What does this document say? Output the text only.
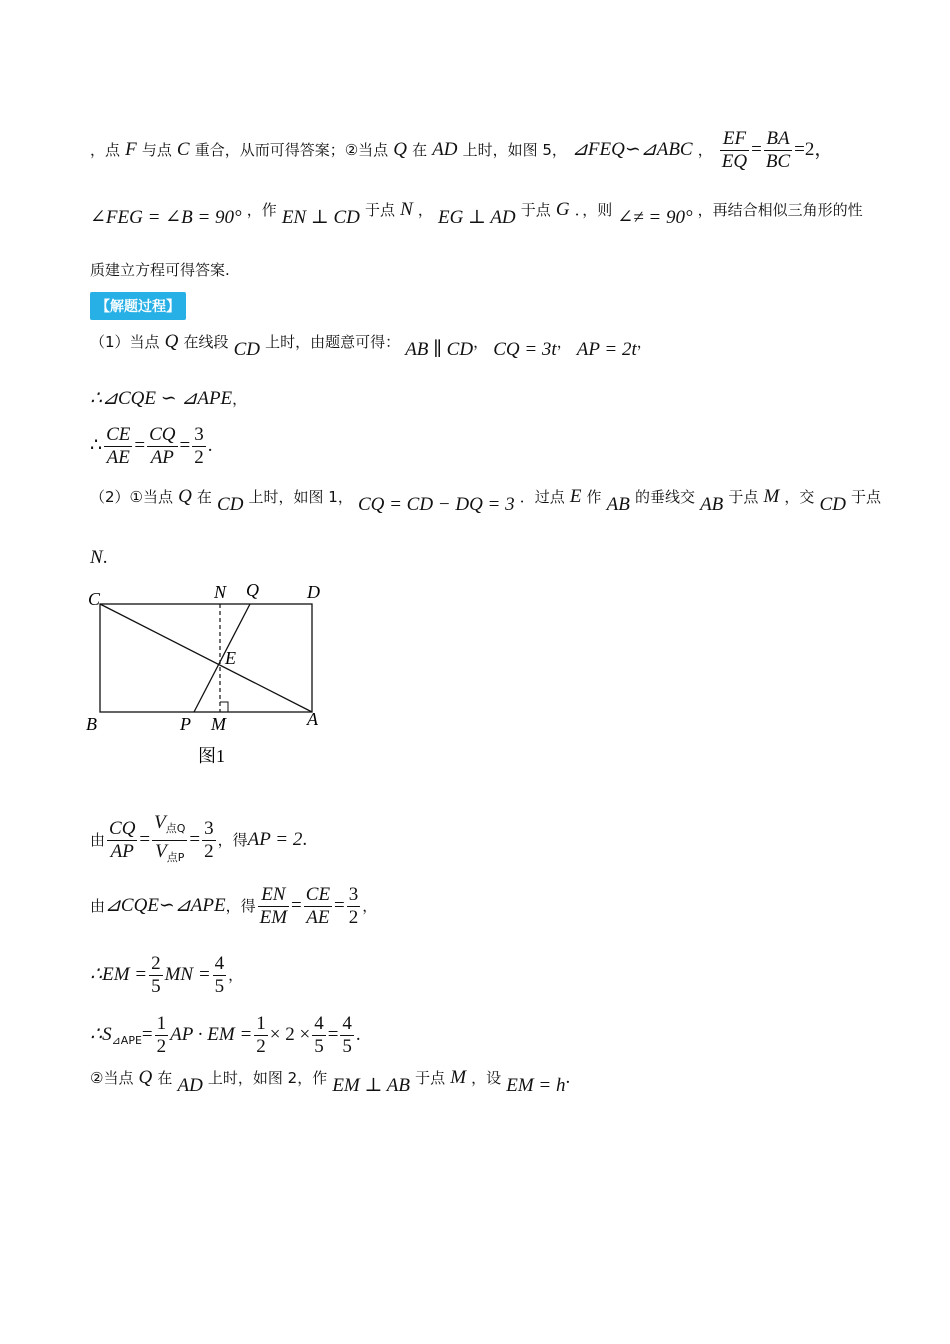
，点 F 与点 C 重合，从而可得答案；②当点 Q 在 AD 上时，如图 5， ⊿FEQ∽⊿ABC ， $\frac{EF}{EQ} = \frac{BA}{BC} =2$，
∠FEG = ∠B = 90° ，作 EN ⊥ CD 于点 N ， EG ⊥ AD 于点 G ．，则 ∠≠ = 90° ，再结合相似三角形的性
质建立方程可得答案.
【解题过程】
（1）当点 Q 在线段 CD 上时，由题意可得： AB ∥ CD， CQ = 3t， AP = 2t，
∴⊿CQE ∽ ⊿APE，
∴ $\frac{CE}{AE} = \frac{CQ}{AP} = \frac{3}{2}$ .
（2）①当点 Q 在 CD 上时，如图 1， CQ = CD − DQ = 3 ．过点 E 作 AB 的垂线交 AB 于点 M ，交 CD 于点
N.
C	N Q	D
E
B	P M	A
图1
由 $\frac{CQ}{AP} = \frac{V_{点Q}}{V_{点P}} = \frac{3}{2}$ ，得AP = 2.
由⊿CQE∽⊿APE，得 $\frac{EN}{EM} = \frac{CE}{AE} = \frac{3}{2}$ ，
∴EM = $\frac{2}{5}$ MN = $\frac{4}{5}$ ，
$\therefore S_{⊿APE}= \frac{1}{2}$ AP · EM = $\frac{1}{2} \times 2 \times \frac{4}{5} = \frac{4}{5}$ .
②当点 Q 在 AD 上时，如图 2，作 EM ⊥ AB 于点 M ，设 EM = h.
